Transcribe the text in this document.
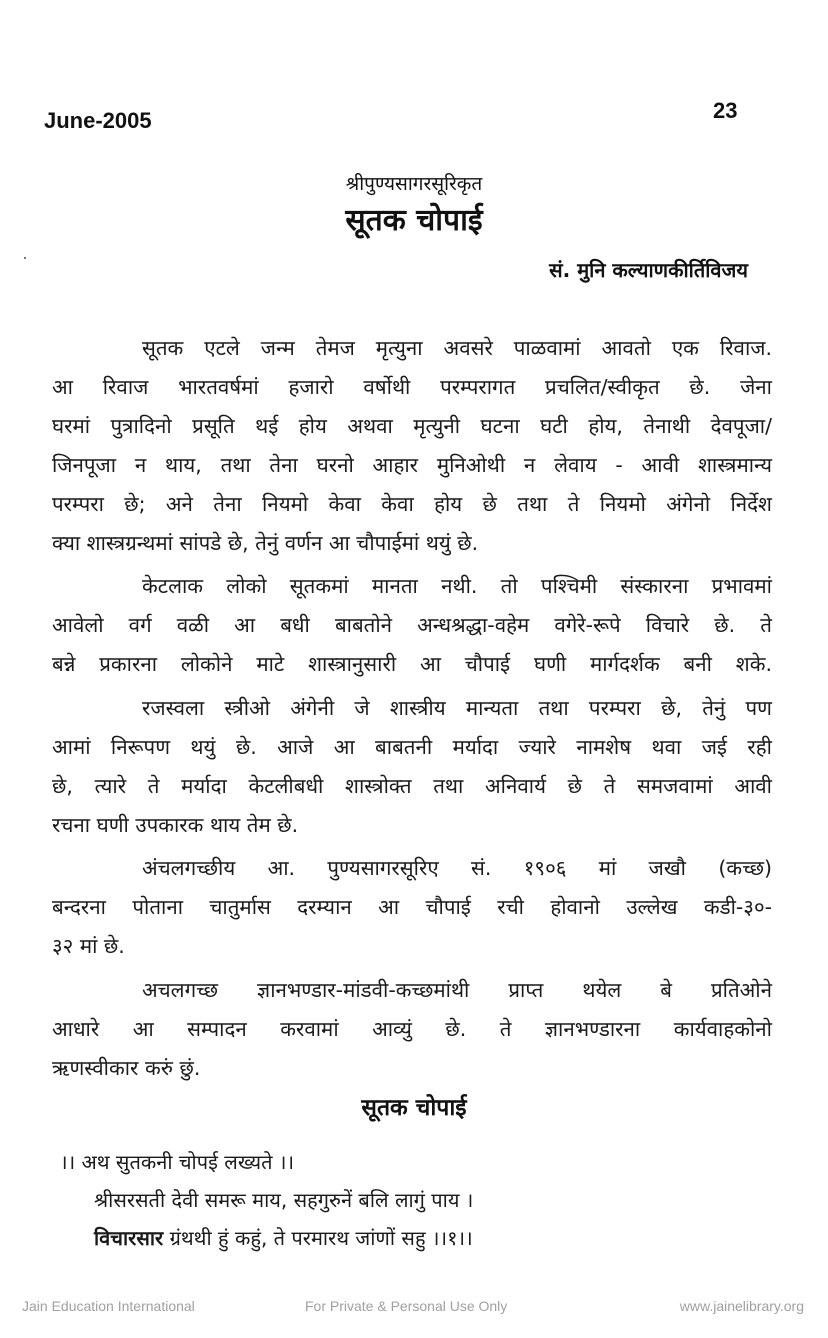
June-2005	23
श्रीपुण्यसागरसूरिकृत
सूतक चोपाई
सं. मुनि कल्याणकीर्तिविजय
सूतक एटले जन्म तेमज मृत्युना अवसरे पाळवामां आवतो एक रिवाज.
आ रिवाज भारतवर्षमां हजारो वर्षोथी परम्परागत प्रचलित/स्वीकृत छे. जेना
घरमां पुत्रादिनो प्रसूति थई होय अथवा मृत्युनी घटना घटी होय, तेनाथी देवपूजा/
जिनपूजा न थाय, तथा तेना घरनो आहार मुनिओथी न लेवाय - आवी शास्त्रमान्य
परम्परा छे; अने तेना नियमो केवा केवा होय छे तथा ते नियमो अंगेनो निर्देश
क्या शास्त्रग्रन्थमां सांपडे छे, तेनुं वर्णन आ चौपाईमां थयुं छे.
केटलाक लोको सूतकमां मानता नथी. तो पश्चिमी संस्कारना प्रभावमां
आवेलो वर्ग वळी आ बधी बाबतोने अन्धश्रद्धा-वहेम वगेरे-रूपे विचारे छे. ते
बन्ने प्रकारना लोकोने माटे शास्त्रानुसारी आ चौपाई घणी मार्गदर्शक बनी शके.
रजस्वला स्त्रीओ अंगेनी जे शास्त्रीय मान्यता तथा परम्परा छे, तेनुं पण
आमां निरूपण थयुं छे. आजे आ बाबतनी मर्यादा ज्यारे नामशेष थवा जई रही
छे, त्यारे ते मर्यादा केटलीबधी शास्त्रोक्त तथा अनिवार्य छे ते समजवामां आवी
रचना घणी उपकारक थाय तेम छे.
अंचलगच्छीय आ. पुण्यसागरसूरिए सं. १९०६ मां जखौ (कच्छ)
बन्दरना पोताना चातुर्मास दरम्यान आ चौपाई रची होवानो उल्लेख कडी-३०-
३२ मां छे.
अचलगच्छ ज्ञानभण्डार-मांडवी-कच्छमांथी प्राप्त थयेल बे प्रतिओने
आधारे आ सम्पादन करवामां आव्युं छे. ते ज्ञानभण्डारना कार्यवाहकोनो
ऋणस्वीकार करुं छुं.
सूतक चोपाई
।। अथ सुतकनी चोपई लख्यते ।।
श्रीसरसती देवी समरू माय, सहगुरुनें बलि लागुं पाय ।
विचारसार ग्रंथथी हुं कहुं, ते परमारथ जांणों सहु ।।१।।
Jain Education International	For Private & Personal Use Only	www.jainelibrary.org
